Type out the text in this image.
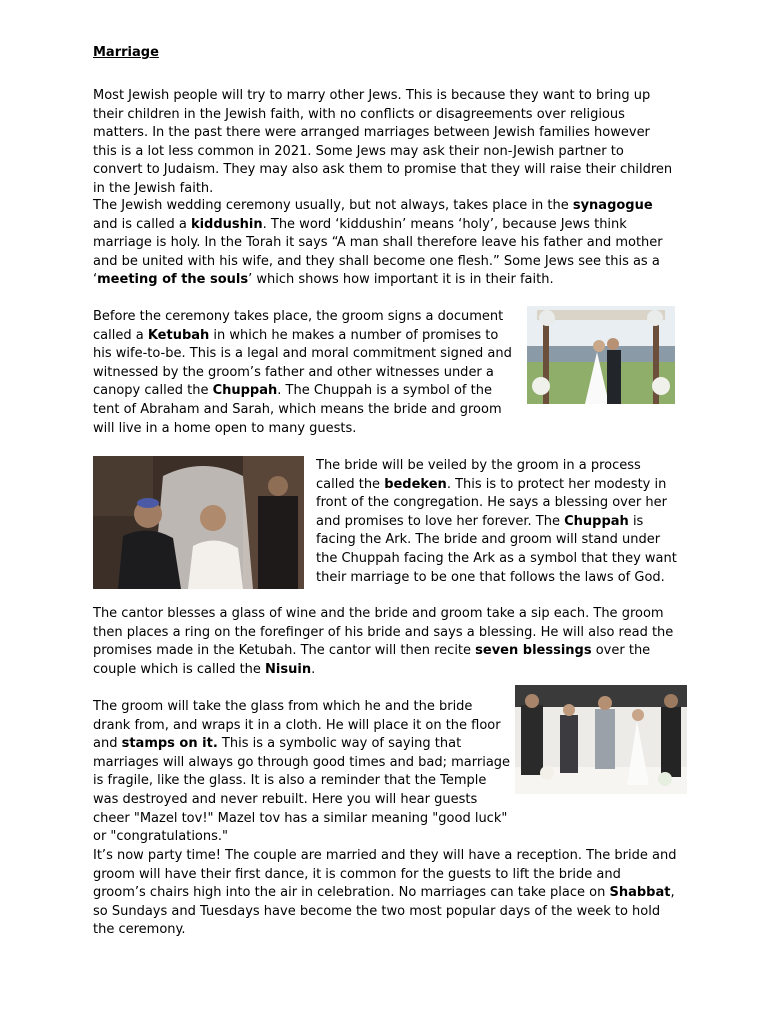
Marriage

Most Jewish people will try to marry other Jews. This is because they want to bring up their children in the Jewish faith, with no conflicts or disagreements over religious matters. In the past there were arranged marriages between Jewish families however this is a lot less common in 2021. Some Jews may ask their non-Jewish partner to convert to Judaism. They may also ask them to promise that they will raise their children in the Jewish faith.

The Jewish wedding ceremony usually, but not always, takes place in the synagogue and is called a kiddushin. The word ‘kiddushin’ means ‘holy’, because Jews think marriage is holy. In the Torah it says “A man shall therefore leave his father and mother and be united with his wife, and they shall become one flesh.” Some Jews see this as a ‘meeting of the souls’ which shows how important it is in their faith.

Before the ceremony takes place, the groom signs a document called a Ketubah in which he makes a number of promises to his wife-to-be. This is a legal and moral commitment signed and witnessed by the groom’s father and other witnesses under a canopy called the Chuppah. The Chuppah is a symbol of the tent of Abraham and Sarah, which means the bride and groom will live in a home open to many guests.

The bride will be veiled by the groom in a process called the bedeken. This is to protect her modesty in front of the congregation. He says a blessing over her and promises to love her forever. The Chuppah is facing the Ark. The bride and groom will stand under the Chuppah facing the Ark as a symbol that they want their marriage to be one that follows the laws of God.

The cantor blesses a glass of wine and the bride and groom take a sip each. The groom then places a ring on the forefinger of his bride and says a blessing. He will also read the promises made in the Ketubah. The cantor will then recite seven blessings over the couple which is called the Nisuin.

The groom will take the glass from which he and the bride drank from, and wraps it in a cloth. He will place it on the floor and stamps on it. This is a symbolic way of saying that marriages will always go through good times and bad; marriage is fragile, like the glass. It is also a reminder that the Temple was destroyed and never rebuilt. Here you will hear guests cheer "Mazel tov!" Mazel tov has a similar meaning "good luck" or "congratulations."

It’s now party time! The couple are married and they will have a reception. The bride and groom will have their first dance, it is common for the guests to lift the bride and groom’s chairs high into the air in celebration. No marriages can take place on Shabbat, so Sundays and Tuesdays have become the two most popular days of the week to hold the ceremony.
